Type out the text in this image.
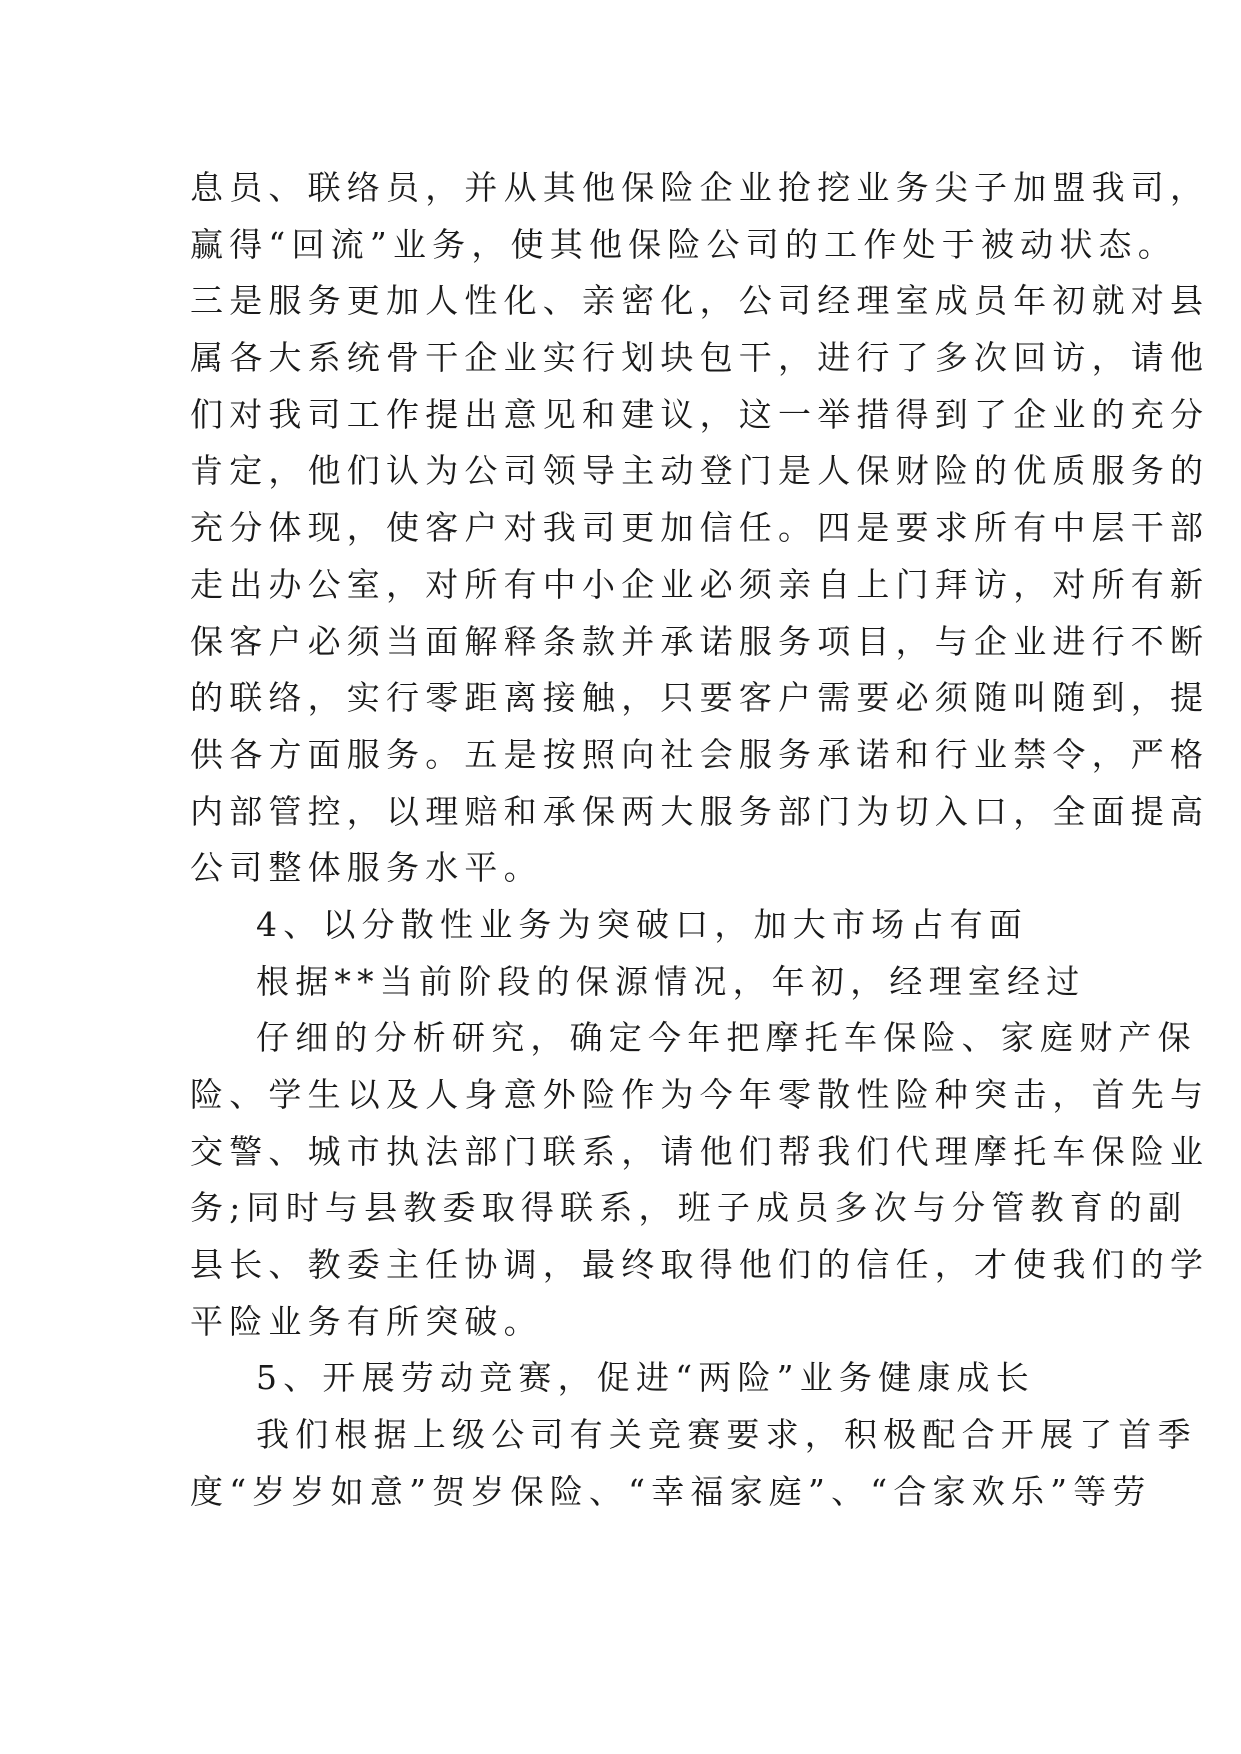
息员、联络员，并从其他保险企业抢挖业务尖子加盟我司，
赢得“回流”业务，使其他保险公司的工作处于被动状态。
三是服务更加人性化、亲密化，公司经理室成员年初就对县
属各大系统骨干企业实行划块包干，进行了多次回访，请他
们对我司工作提出意见和建议，这一举措得到了企业的充分
肯定，他们认为公司领导主动登门是人保财险的优质服务的
充分体现，使客户对我司更加信任。四是要求所有中层干部
走出办公室，对所有中小企业必须亲自上门拜访，对所有新
保客户必须当面解释条款并承诺服务项目，与企业进行不断
的联络，实行零距离接触，只要客户需要必须随叫随到，提
供各方面服务。五是按照向社会服务承诺和行业禁令，严格
内部管控，以理赔和承保两大服务部门为切入口，全面提高
公司整体服务水平。
4、以分散性业务为突破口，加大市场占有面
根据**当前阶段的保源情况，年初，经理室经过
仔细的分析研究，确定今年把摩托车保险、家庭财产保
险、学生以及人身意外险作为今年零散性险种突击，首先与
交警、城市执法部门联系，请他们帮我们代理摩托车保险业
务;同时与县教委取得联系，班子成员多次与分管教育的副
县长、教委主任协调，最终取得他们的信任，才使我们的学
平险业务有所突破。
5、开展劳动竞赛，促进“两险”业务健康成长
我们根据上级公司有关竞赛要求，积极配合开展了首季
度“岁岁如意”贺岁保险、“幸福家庭”、“合家欢乐”等劳
